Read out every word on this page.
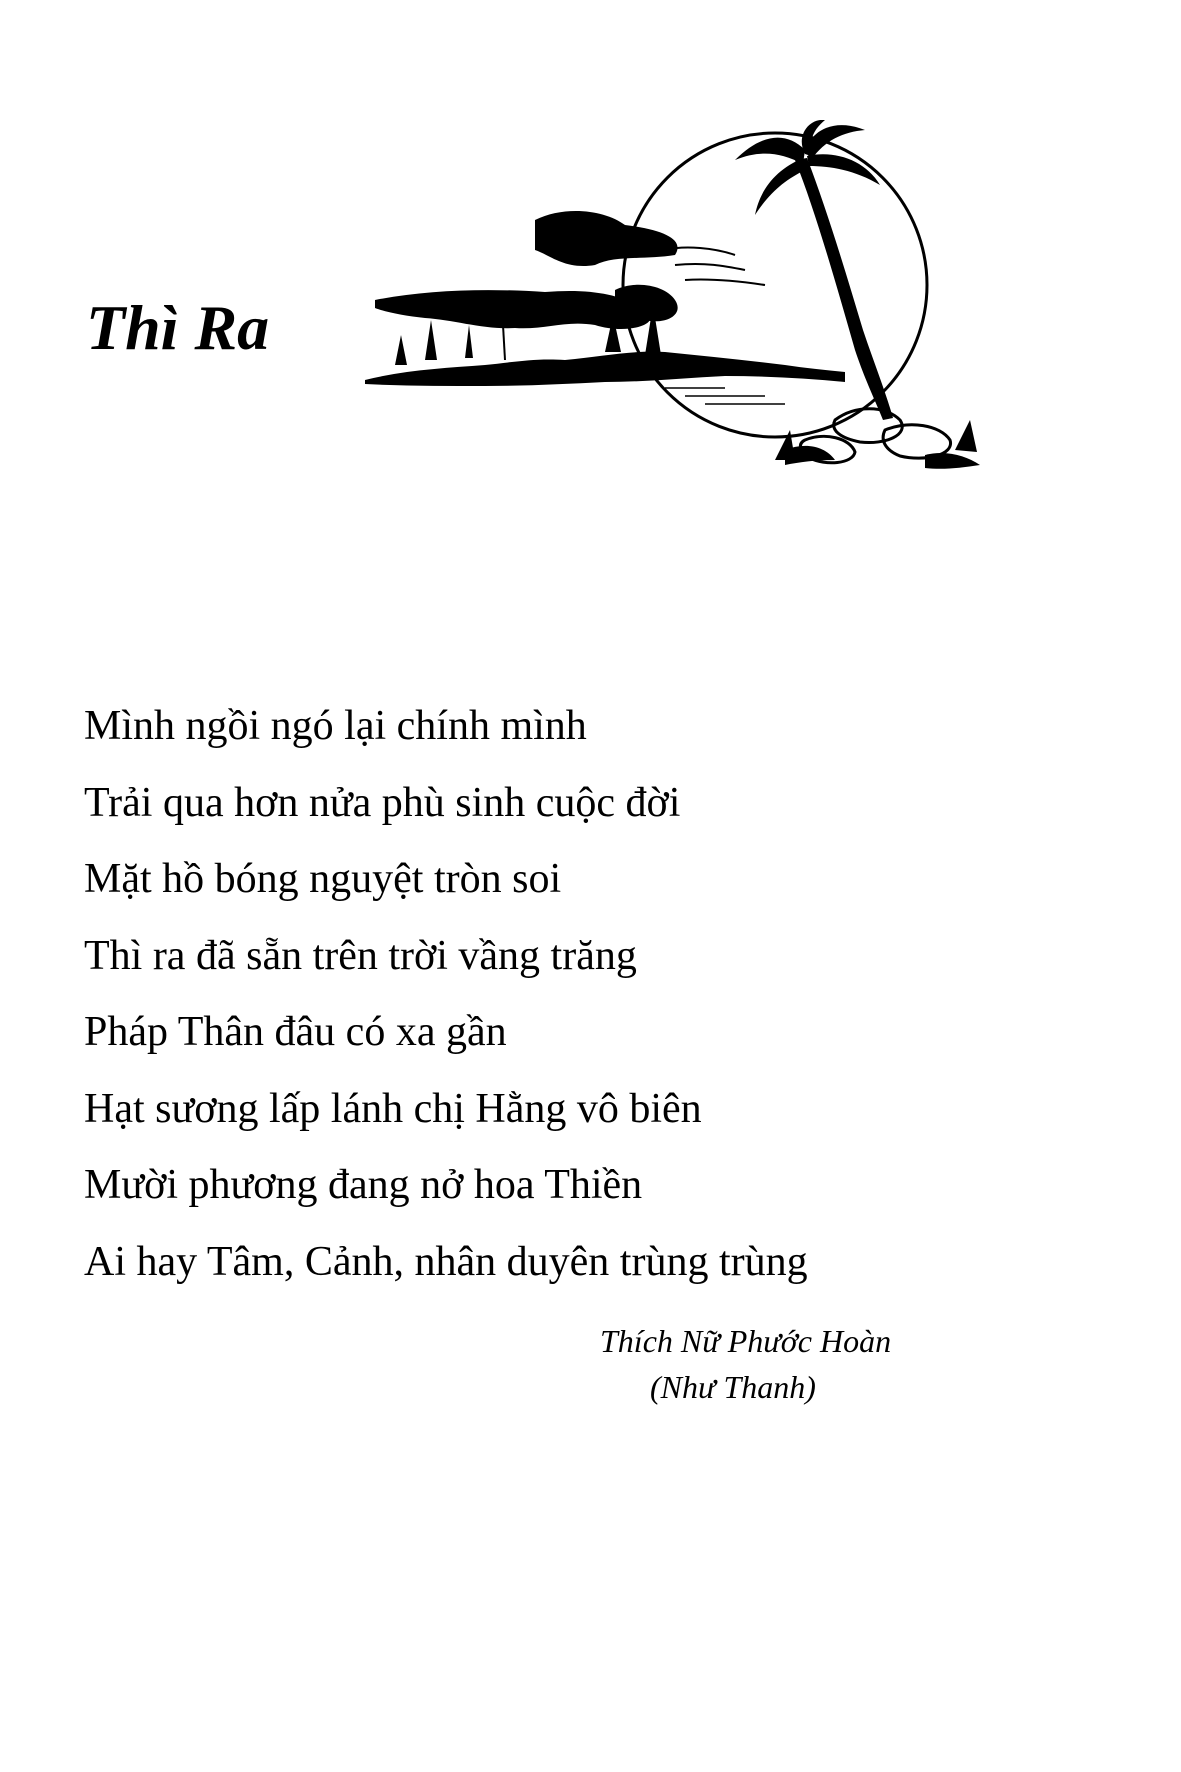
Thì Ra
Mình ngồi ngó lại chính mình
Trải qua hơn nửa phù sinh cuộc đời
Mặt hồ bóng nguyệt tròn soi
Thì ra đã sẵn trên trời vầng trăng
Pháp Thân đâu có xa gần
Hạt sương lấp lánh chị Hằng vô biên
Mười phương đang nở hoa Thiền
Ai hay Tâm, Cảnh, nhân duyên trùng trùng
Thích Nữ Phước Hoàn
(Như Thanh)
